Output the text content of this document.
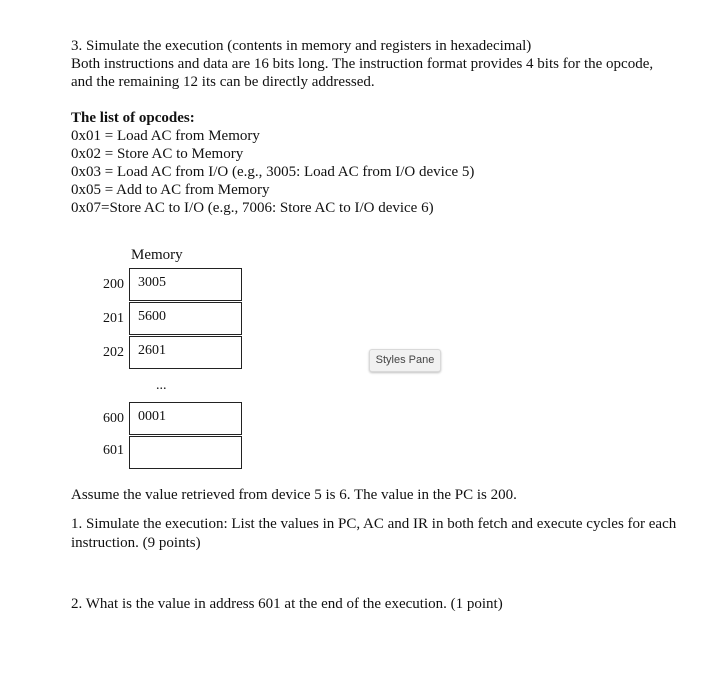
3. Simulate the execution (contents in memory and registers in hexadecimal)
Both instructions and data are 16 bits long. The instruction format provides 4 bits for the opcode,
and the remaining 12 its can be directly addressed.
The list of opcodes:
0x01 = Load AC from Memory
0x02 = Store AC to Memory
0x03 = Load AC from I/O (e.g., 3005: Load AC from I/O device 5)
0x05 = Add to AC from Memory
0x07=Store AC to I/O (e.g., 7006: Store AC to I/O device 6)
Memory
200	3005
201	5600
202	2601
...
600	0001
601
Styles Pane
Assume the value retrieved from device 5 is 6. The value in the PC is 200.
1. Simulate the execution: List the values in PC, AC and IR in both fetch and execute cycles for each instruction. (9 points)
2. What is the value in address 601 at the end of the execution. (1 point)
